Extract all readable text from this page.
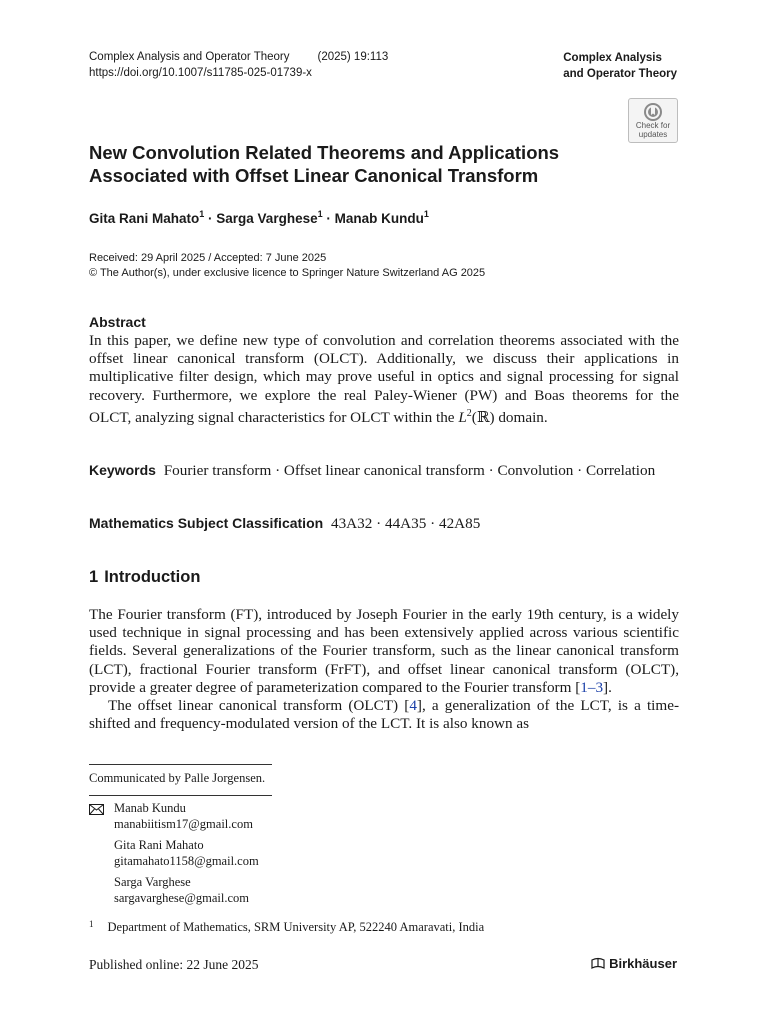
Complex Analysis and Operator Theory (2025) 19:113
https://doi.org/10.1007/s11785-025-01739-x
Complex Analysis
and Operator Theory
Check for
updates
New Convolution Related Theorems and Applications Associated with Offset Linear Canonical Transform
Gita Rani Mahato$^1$ · Sarga Varghese$^1$ · Manab Kundu$^1$
Received: 29 April 2025 / Accepted: 7 June 2025
© The Author(s), under exclusive licence to Springer Nature Switzerland AG 2025
Abstract
In this paper, we define new type of convolution and correlation theorems associated with the offset linear canonical transform (OLCT). Additionally, we discuss their applications in multiplicative filter design, which may prove useful in optics and signal processing for signal recovery. Furthermore, we explore the real Paley-Wiener (PW) and Boas theorems for the OLCT, analyzing signal characteristics for OLCT within the $L^2(ℝ)$ domain.
Keywords Fourier transform · Offset linear canonical transform · Convolution · Correlation
Mathematics Subject Classification 43A32 · 44A35 · 42A85
1 Introduction

The Fourier transform (FT), introduced by Joseph Fourier in the early 19th century, is a widely used technique in signal processing and has been extensively applied across various scientific fields. Several generalizations of the Fourier transform, such as the linear canonical transform (LCT), fractional Fourier transform (FrFT), and offset linear canonical transform (OLCT), provide a greater degree of parameterization compared to the Fourier transform [1–3].

The offset linear canonical transform (OLCT) [4], a generalization of the LCT, is a time-shifted and frequency-modulated version of the LCT. It is also known as

Communicated by Palle Jorgensen.
Manab Kundu
manabiitism17@gmail.com
Gita Rani Mahato
gitamahato1158@gmail.com
Sarga Varghese
sargavarghese@gmail.com
$^1$ Department of Mathematics, SRM University AP, 522240 Amaravati, India
Published online: 22 June 2025	Birkhäuser
